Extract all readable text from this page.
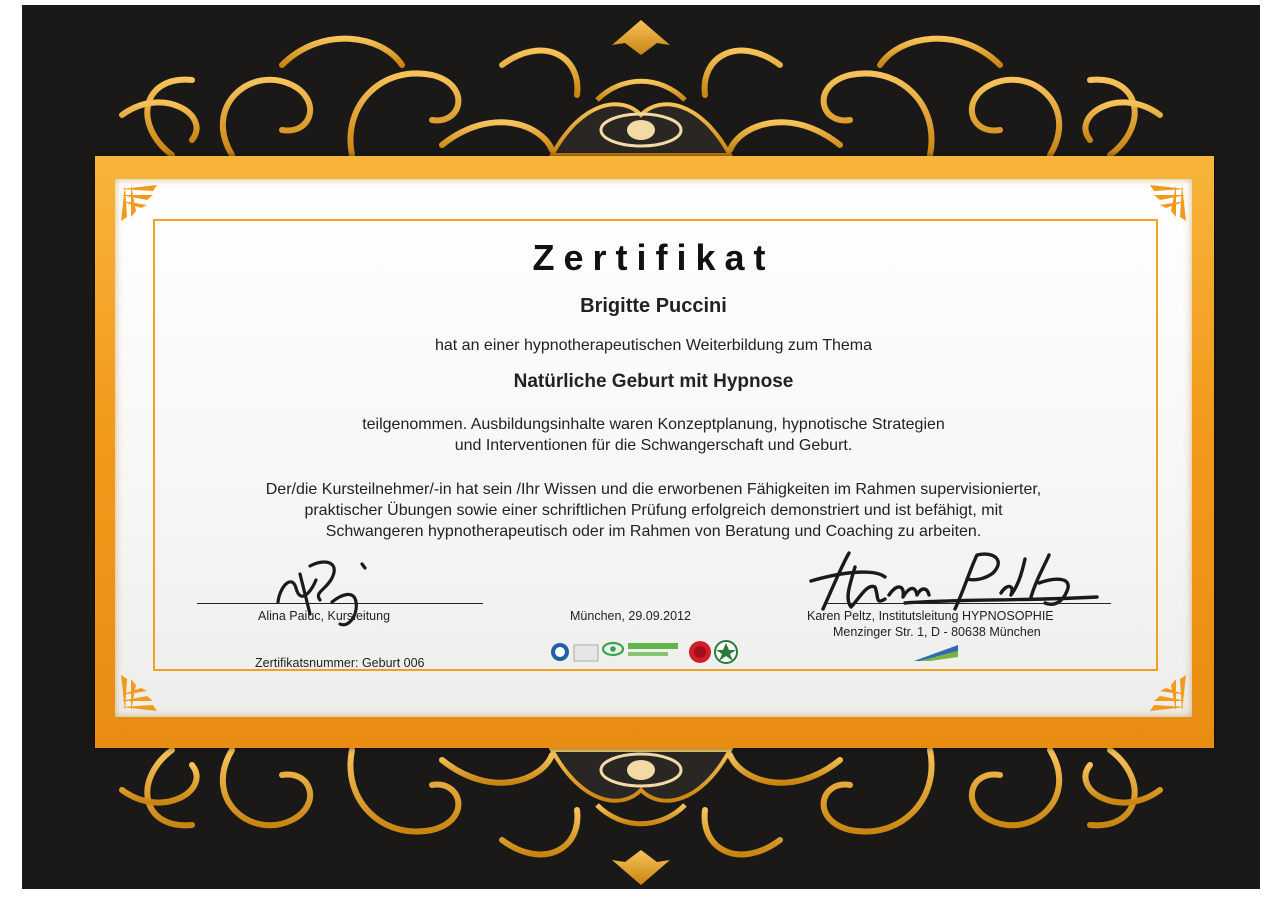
Zertifikat
Brigitte Puccini
hat an einer hypnotherapeutischen Weiterbildung zum Thema
Natürliche Geburt mit Hypnose
teilgenommen. Ausbildungsinhalte waren Konzeptplanung, hypnotische Strategien
und Interventionen für die Schwangerschaft und Geburt.
Der/die Kursteilnehmer/-in hat sein /Ihr Wissen und die erworbenen Fähigkeiten im Rahmen supervisionierter,
praktischer Übungen sowie einer schriftlichen Prüfung erfolgreich demonstriert und ist befähigt, mit
Schwangeren hypnotherapeutisch oder im Rahmen von Beratung und Coaching zu arbeiten.
Alina Paiuc, Kursleitung
Zertifikatsnummer: Geburt 006
München, 29.09.2012	Karen Peltz, Institutsleitung HYPNOSOPHIE
Menzinger Str. 1, D - 80638 München
